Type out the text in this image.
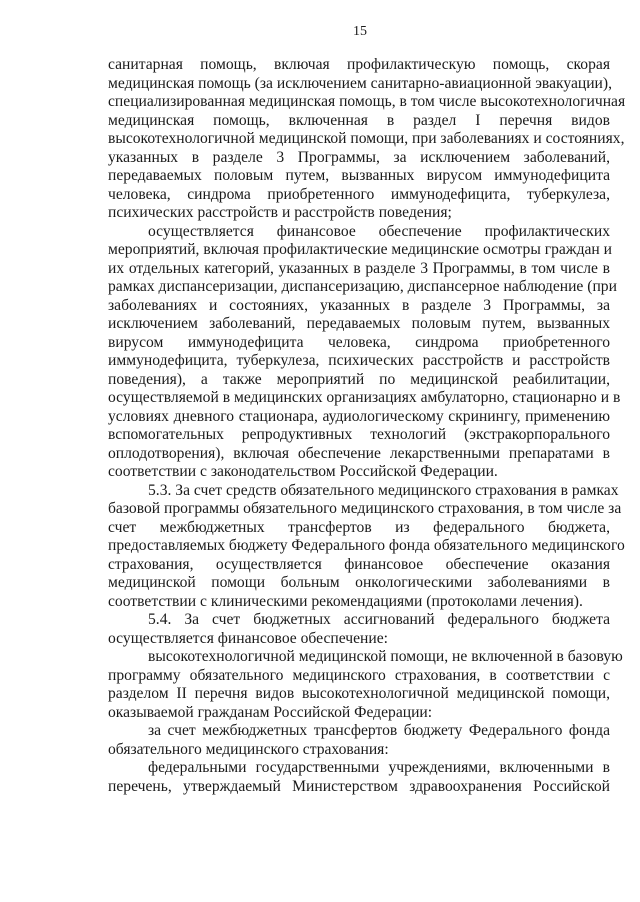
15
санитарная помощь, включая профилактическую помощь, скорая
медицинская помощь (за исключением санитарно-авиационной эвакуации),
специализированная медицинская помощь, в том числе высокотехнологичная
медицинская помощь, включенная в раздел I перечня видов
высокотехнологичной медицинской помощи, при заболеваниях и состояниях,
указанных в разделе 3 Программы, за исключением заболеваний,
передаваемых половым путем, вызванных вирусом иммунодефицита
человека, синдрома приобретенного иммунодефицита, туберкулеза,
психических расстройств и расстройств поведения;
осуществляется финансовое обеспечение профилактических
мероприятий, включая профилактические медицинские осмотры граждан и
их отдельных категорий, указанных в разделе 3 Программы, в том числе в
рамках диспансеризации, диспансеризацию, диспансерное наблюдение (при
заболеваниях и состояниях, указанных в разделе 3 Программы, за
исключением заболеваний, передаваемых половым путем, вызванных
вирусом иммунодефицита человека, синдрома приобретенного
иммунодефицита, туберкулеза, психических расстройств и расстройств
поведения), а также мероприятий по медицинской реабилитации,
осуществляемой в медицинских организациях амбулаторно, стационарно и в
условиях дневного стационара, аудиологическому скринингу, применению
вспомогательных репродуктивных технологий (экстракорпорального
оплодотворения), включая обеспечение лекарственными препаратами в
соответствии с законодательством Российской Федерации.
5.3. За счет средств обязательного медицинского страхования в рамках
базовой программы обязательного медицинского страхования, в том числе за
счет межбюджетных трансфертов из федерального бюджета,
предоставляемых бюджету Федерального фонда обязательного медицинского
страхования, осуществляется финансовое обеспечение оказания
медицинской помощи больным онкологическими заболеваниями в
соответствии с клиническими рекомендациями (протоколами лечения).
5.4. За счет бюджетных ассигнований федерального бюджета
осуществляется финансовое обеспечение:
высокотехнологичной медицинской помощи, не включенной в базовую
программу обязательного медицинского страхования, в соответствии с
разделом II перечня видов высокотехнологичной медицинской помощи,
оказываемой гражданам Российской Федерации:
за счет межбюджетных трансфертов бюджету Федерального фонда
обязательного медицинского страхования:
федеральными государственными учреждениями, включенными в
перечень, утверждаемый Министерством здравоохранения Российской
